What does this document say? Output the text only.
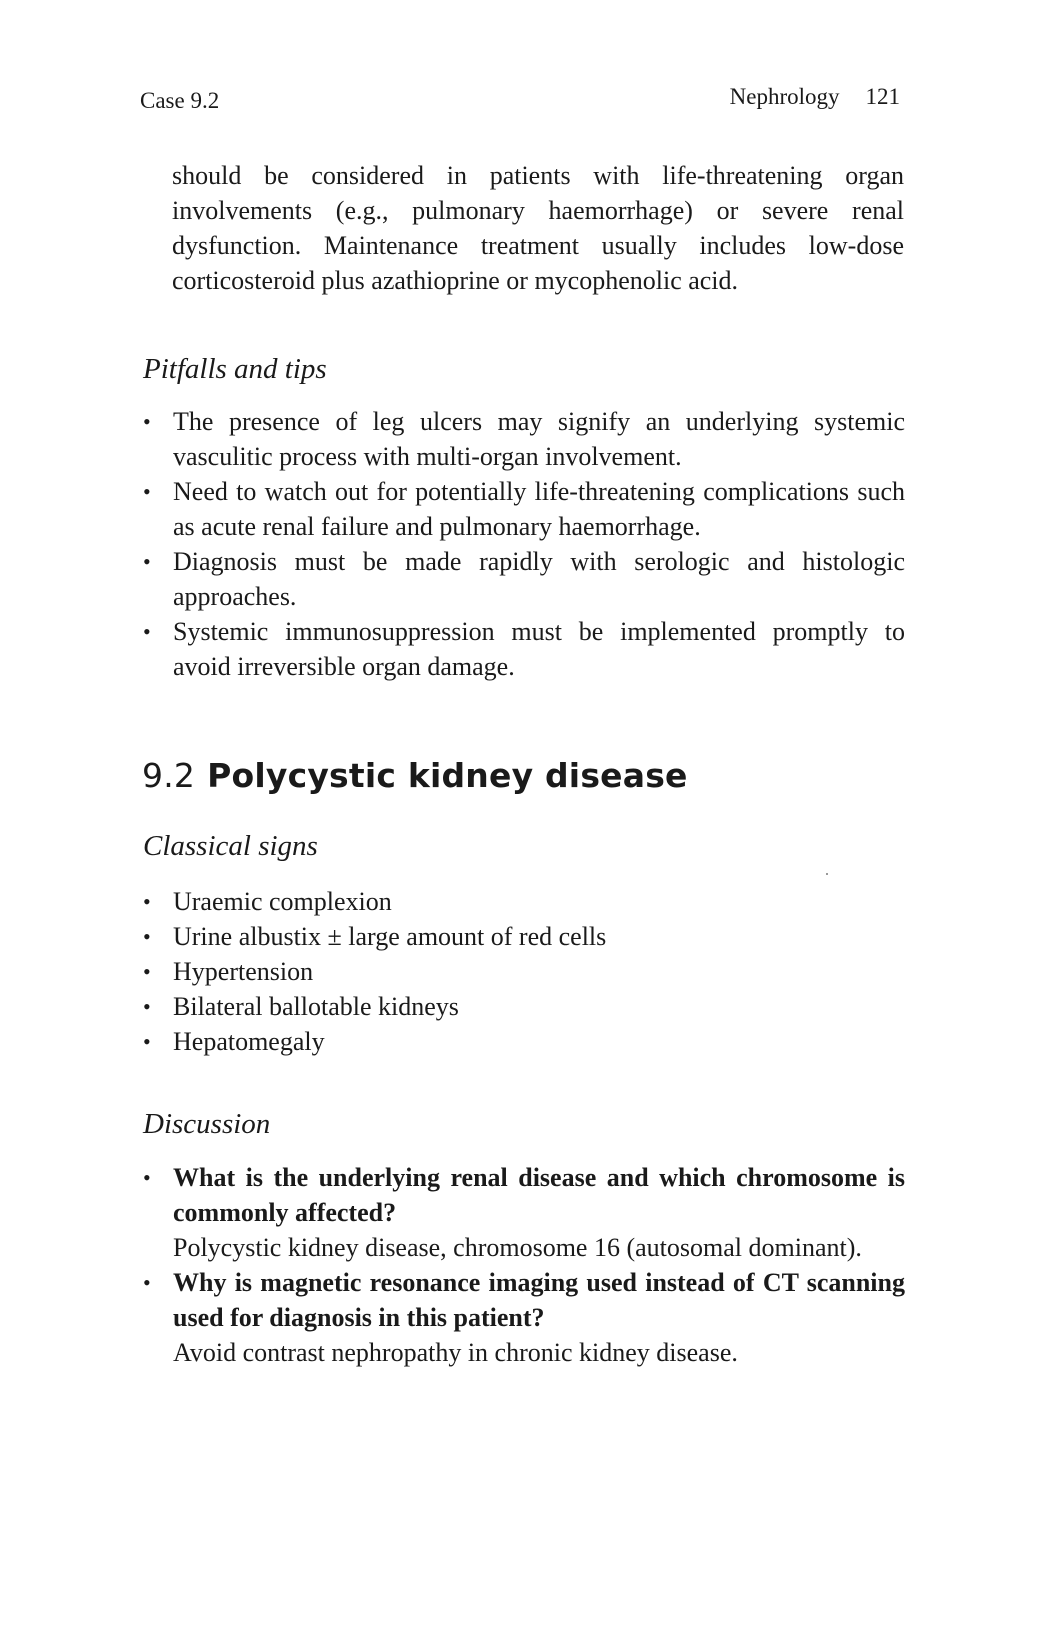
Case 9.2	Nephrology 121

should be considered in patients with life-threatening organ involvements (e.g., pulmonary haemorrhage) or severe renal dysfunction. Maintenance treatment usually includes low-dose corticosteroid plus azathioprine or mycophenolic acid.

Pitfalls and tips
• The presence of leg ulcers may signify an underlying systemic vasculitic process with multi-organ involvement.
• Need to watch out for potentially life-threatening complications such as acute renal failure and pulmonary haemorrhage.
• Diagnosis must be made rapidly with serologic and histologic approaches.
• Systemic immunosuppression must be implemented promptly to avoid irreversible organ damage.
9.2 Polycystic kidney disease
Classical signs
• Uraemic complexion
• Urine albustix ± large amount of red cells
• Hypertension
• Bilateral ballotable kidneys
• Hepatomegaly
Discussion
• What is the underlying renal disease and which chromosome is commonly affected?
Polycystic kidney disease, chromosome 16 (autosomal dominant).
• Why is magnetic resonance imaging used instead of CT scanning used for diagnosis in this patient?
Avoid contrast nephropathy in chronic kidney disease.
